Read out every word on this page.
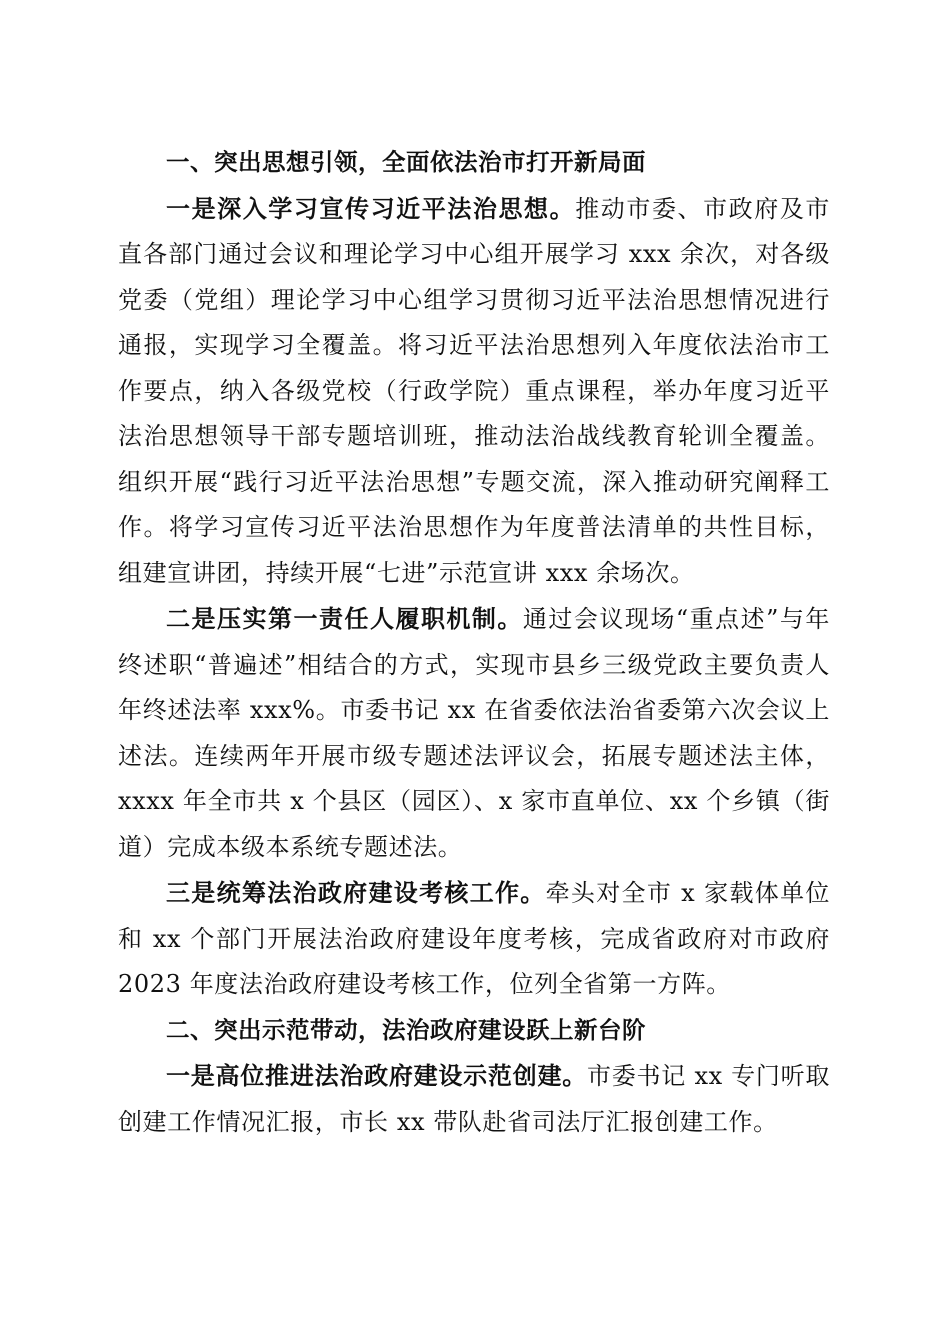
一、突出思想引领，全面依法治市打开新局面

一是深入学习宣传习近平法治思想。推动市委、市政府及市直各部门通过会议和理论学习中心组开展学习 xxx 余次，对各级党委（党组）理论学习中心组学习贯彻习近平法治思想情况进行通报，实现学习全覆盖。将习近平法治思想列入年度依法治市工作要点，纳入各级党校（行政学院）重点课程，举办年度习近平法治思想领导干部专题培训班，推动法治战线教育轮训全覆盖。组织开展“践行习近平法治思想”专题交流，深入推动研究阐释工作。将学习宣传习近平法治思想作为年度普法清单的共性目标，组建宣讲团，持续开展“七进”示范宣讲 xxx 余场次。

二是压实第一责任人履职机制。通过会议现场“重点述”与年终述职“普遍述”相结合的方式，实现市县乡三级党政主要负责人年终述法率 xxx%。市委书记 xx 在省委依法治省委第六次会议上述法。连续两年开展市级专题述法评议会，拓展专题述法主体，xxxx 年全市共 x 个县区（园区）、x 家市直单位、xx 个乡镇（街道）完成本级本系统专题述法。

三是统筹法治政府建设考核工作。牵头对全市 x 家载体单位和 xx 个部门开展法治政府建设年度考核，完成省政府对市政府 2023 年度法治政府建设考核工作，位列全省第一方阵。

二、突出示范带动，法治政府建设跃上新台阶

一是高位推进法治政府建设示范创建。市委书记 xx 专门听取创建工作情况汇报，市长 xx 带队赴省司法厅汇报创建工作。
